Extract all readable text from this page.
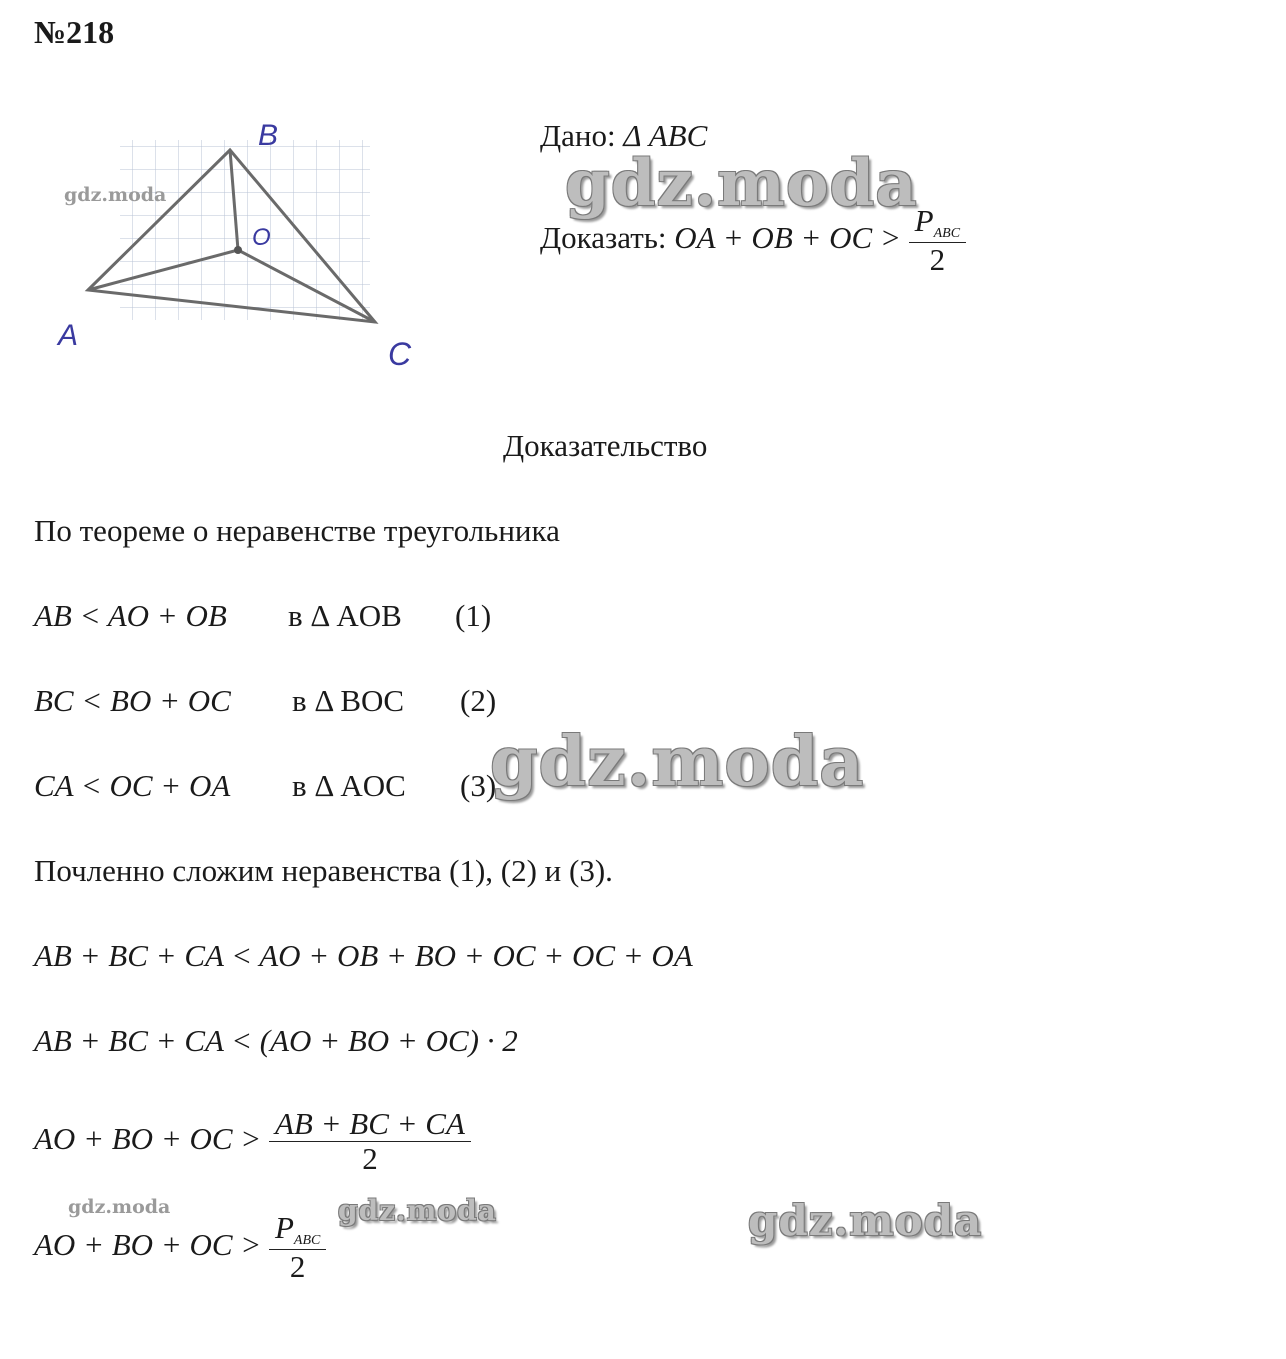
№218
A
B
C
O
gdz.moda
Дано: Δ ABC
gdz.moda
Доказать: OA + OB + OC > $\frac{P_{ABC}}{2}$
Доказательство
По теореме о неравенстве треугольника
AB < AO + OB в Δ AOB (1)
BC < BO + OC в Δ BOC (2)
CA < OC + OA в Δ AOC (3)
gdz.moda
Почленно сложим неравенства (1), (2) и (3).
AB + BC + CA < AO + OB + BO + OC + OC + OA
AB + BC + CA < (AO + BO + OC) · 2
AO + BO + OC > $\frac{AB + BC + CA}{2}$
gdz.moda	gdz.moda	gdz.moda
AO + BO + OC > $\frac{P_{ABC}}{2}$
